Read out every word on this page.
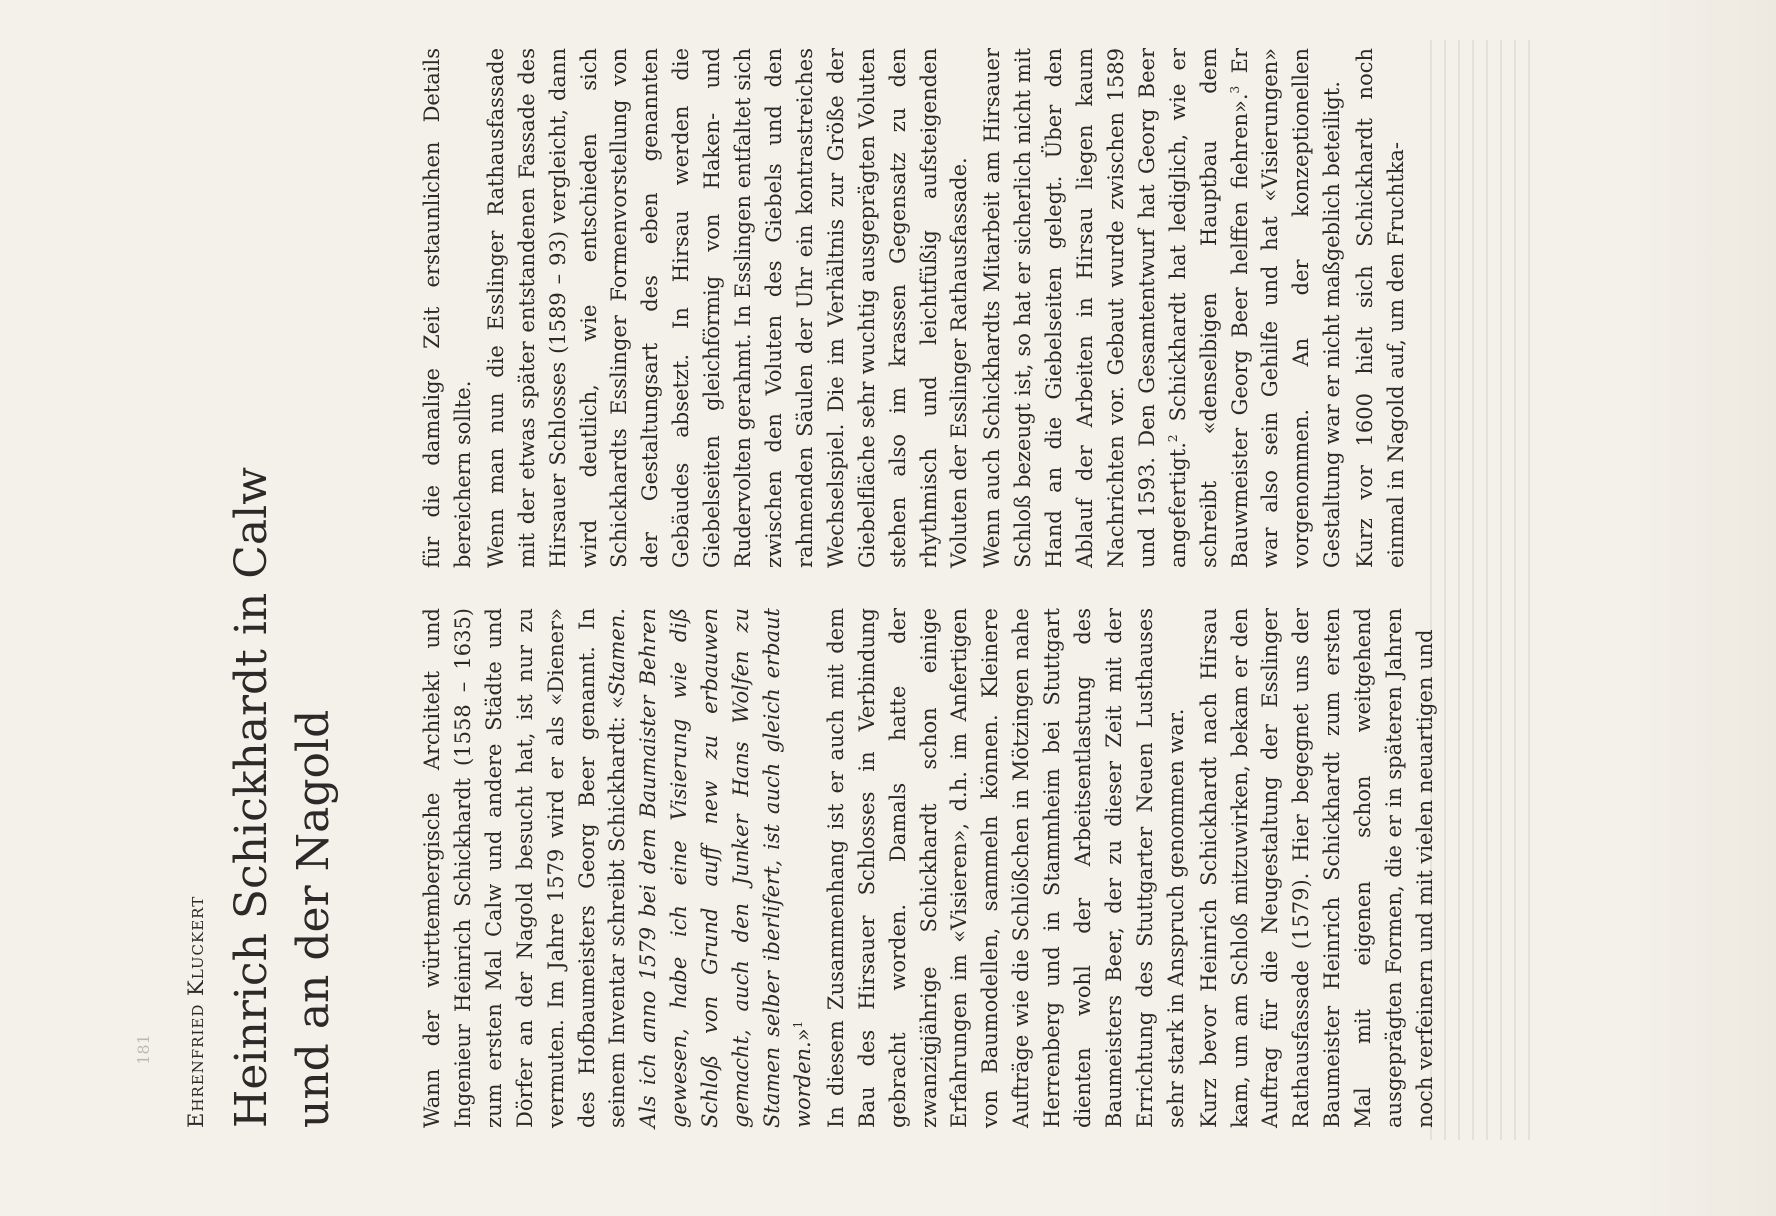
181 Ehrenfried Kluckert Heinrich Schickhardt in Calw und an der Nagold	Wann der württembergische Architekt und Ingenieur Heinrich Schickhardt (1558 – 1635) zum ersten Mal Calw und andere Städte und Dörfer an der Nagold besucht hat, ist nur zu vermuten. Im Jahre 1579 wird er als «Diener» des Hofbaumeisters Georg Beer genannt. In seinem Inventar schreibt Schickhardt: «Stamen. Als ich anno 1579 bei dem Baumaister Behren gewesen, habe ich eine Visierung wie diß Schloß von Grund auff new zu erbauwen gemacht, auch den Junker Hans Wolfen zu Stamen selber iberlifert, ist auch gleich erbaut worden.»$^1$ In diesem Zusammenhang ist er auch mit dem Bau des Hirsauer Schlosses in Verbindung gebracht worden. Damals hatte der zwanzigjährige Schickhardt schon einige Erfahrungen im «Visieren», d.h. im Anfertigen von Baumodellen, sammeln können. Kleinere Aufträge wie die Schlößchen in Mötzingen nahe Herrenberg und in Stammheim bei Stuttgart dienten wohl der Arbeitsentlastung des Baumeisters Beer, der zu dieser Zeit mit der Errichtung des Stuttgarter Neuen Lusthauses sehr stark in Anspruch genommen war. Kurz bevor Heinrich Schickhardt nach Hirsau kam, um am Schloß mitzuwirken, bekam er den Auftrag für die Neugestaltung der Esslinger Rathausfassade (1579). Hier begegnet uns der Baumeister Heinrich Schickhardt zum ersten Mal mit eigenen schon weitgehend ausgeprägten Formen, die er in späteren Jahren noch verfeinern und mit vielen neuartigen und

für die damalige Zeit erstaunlichen Details bereichern sollte. Wenn man nun die Esslinger Rathausfassade mit der etwas später entstandenen Fassade des Hirsauer Schlosses (1589 – 93) vergleicht, dann wird deutlich, wie entschieden sich Schickhardts Esslinger Formenvorstellung von der Gestaltungsart des eben genannten Gebäudes absetzt. In Hirsau werden die Giebelseiten gleichförmig von Haken- und Rudervolten gerahmt. In Esslingen entfaltet sich zwischen den Voluten des Giebels und den rahmenden Säulen der Uhr ein kontrastreiches Wechselspiel. Die im Verhältnis zur Größe der Giebelfläche sehr wuchtig ausgeprägten Voluten stehen also im krassen Gegensatz zu den rhythmisch und leichtfüßig aufsteigenden Voluten der Esslinger Rathausfassade. Wenn auch Schickhardts Mitarbeit am Hirsauer Schloß bezeugt ist, so hat er sicherlich nicht mit Hand an die Giebelseiten gelegt. Über den Ablauf der Arbeiten in Hirsau liegen kaum Nachrichten vor. Gebaut wurde zwischen 1589 und 1593. Den Gesamtentwurf hat Georg Beer angefertigt.$^2$ Schickhardt hat lediglich, wie er schreibt «denselbigen Hauptbau dem Bauwmeister Georg Beer helffen fiehren».$^3$ Er war also sein Gehilfe und hat «Visierungen» vorgenommen. An der konzeptionellen Gestaltung war er nicht maßgeblich beteiligt. Kurz vor 1600 hielt sich Schickhardt noch einmal in Nagold auf, um den Fruchtka-
